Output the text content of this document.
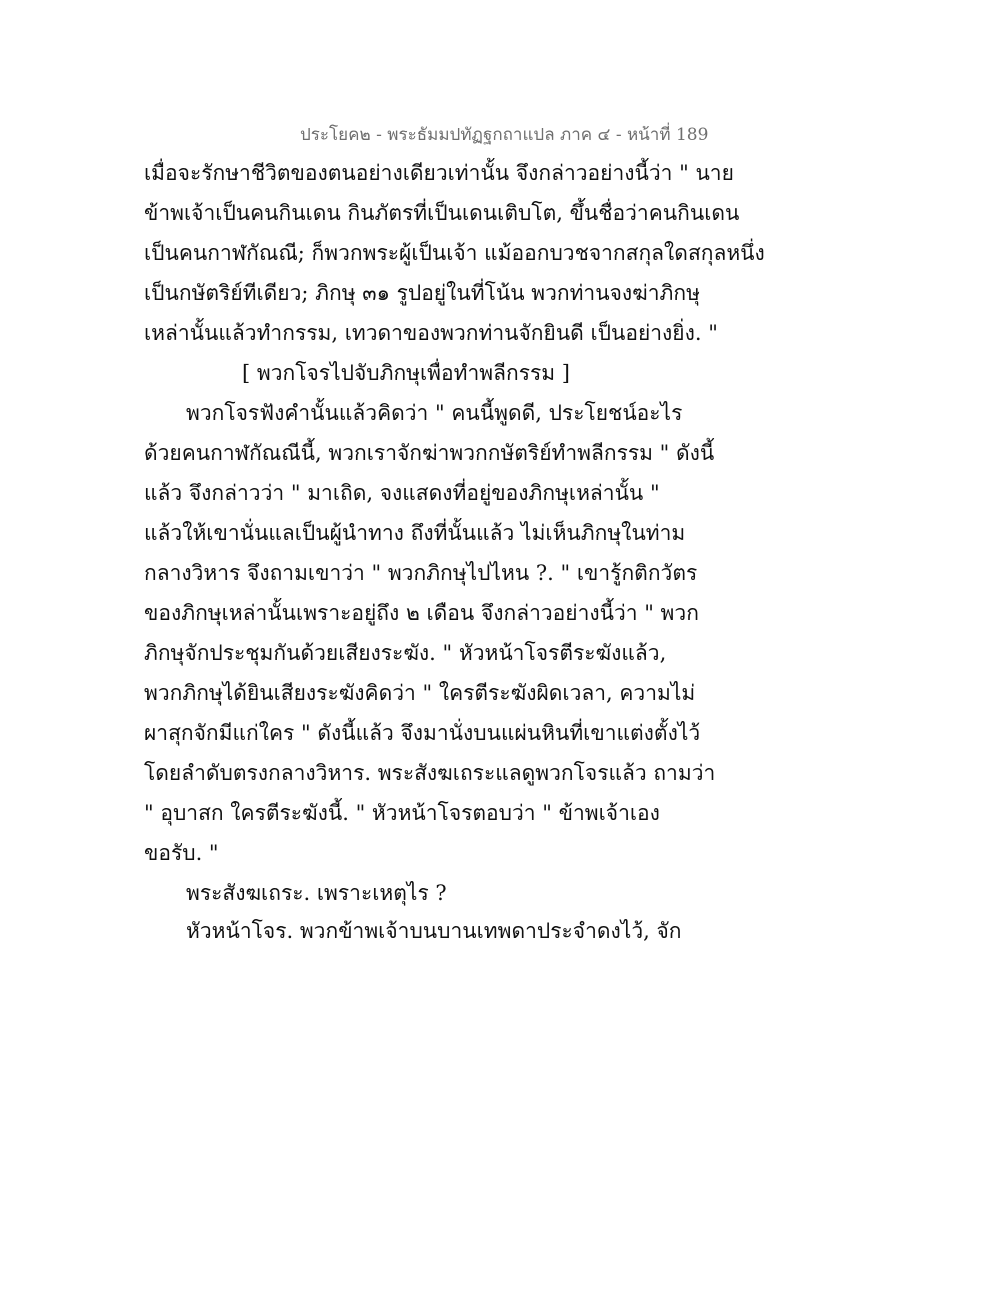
ประโยค๒ - พระธัมมปทัฏฐกถาแปล ภาค ๔ - หน้าที่ 189
เมื่อจะรักษาชีวิตของตนอย่างเดียวเท่านั้น จึงกล่าวอย่างนี้ว่า " นาย
ข้าพเจ้าเป็นคนกินเดน กินภัตรที่เป็นเดนเติบโต, ขึ้นชื่อว่าคนกินเดน
เป็นคนกาฬกัณณี; ก็พวกพระผู้เป็นเจ้า แม้ออกบวชจากสกุลใดสกุลหนึ่ง
เป็นกษัตริย์ทีเดียว; ภิกษุ ๓๑ รูปอยู่ในที่โน้น พวกท่านจงฆ่าภิกษุ
เหล่านั้นแล้วทำกรรม, เทวดาของพวกท่านจักยินดี เป็นอย่างยิ่ง. "
[ พวกโจรไปจับภิกษุเพื่อทำพลีกรรม ]
พวกโจรฟังคำนั้นแล้วคิดว่า " คนนี้พูดดี, ประโยชน์อะไร
ด้วยคนกาฬกัณณีนี้, พวกเราจักฆ่าพวกกษัตริย์ทำพลีกรรม " ดังนี้
แล้ว จึงกล่าวว่า " มาเถิด, จงแสดงที่อยู่ของภิกษุเหล่านั้น "
แล้วให้เขานั่นแลเป็นผู้นำทาง ถึงที่นั้นแล้ว ไม่เห็นภิกษุในท่าม
กลางวิหาร จึงถามเขาว่า " พวกภิกษุไปไหน ?. " เขารู้กติกวัตร
ของภิกษุเหล่านั้นเพราะอยู่ถึง ๒ เดือน จึงกล่าวอย่างนี้ว่า " พวก
ภิกษุจักประชุมกันด้วยเสียงระฆัง. " หัวหน้าโจรตีระฆังแล้ว,
พวกภิกษุได้ยินเสียงระฆังคิดว่า " ใครตีระฆังผิดเวลา, ความไม่
ผาสุกจักมีแก่ใคร " ดังนี้แล้ว จึงมานั่งบนแผ่นหินที่เขาแต่งตั้งไว้
โดยลำดับตรงกลางวิหาร. พระสังฆเถระแลดูพวกโจรแล้ว ถามว่า
" อุบาสก ใครตีระฆังนี้. " หัวหน้าโจรตอบว่า " ข้าพเจ้าเอง
ขอรับ. "
พระสังฆเถระ. เพราะเหตุไร ?
หัวหน้าโจร. พวกข้าพเจ้าบนบานเทพดาประจำดงไว้, จัก
